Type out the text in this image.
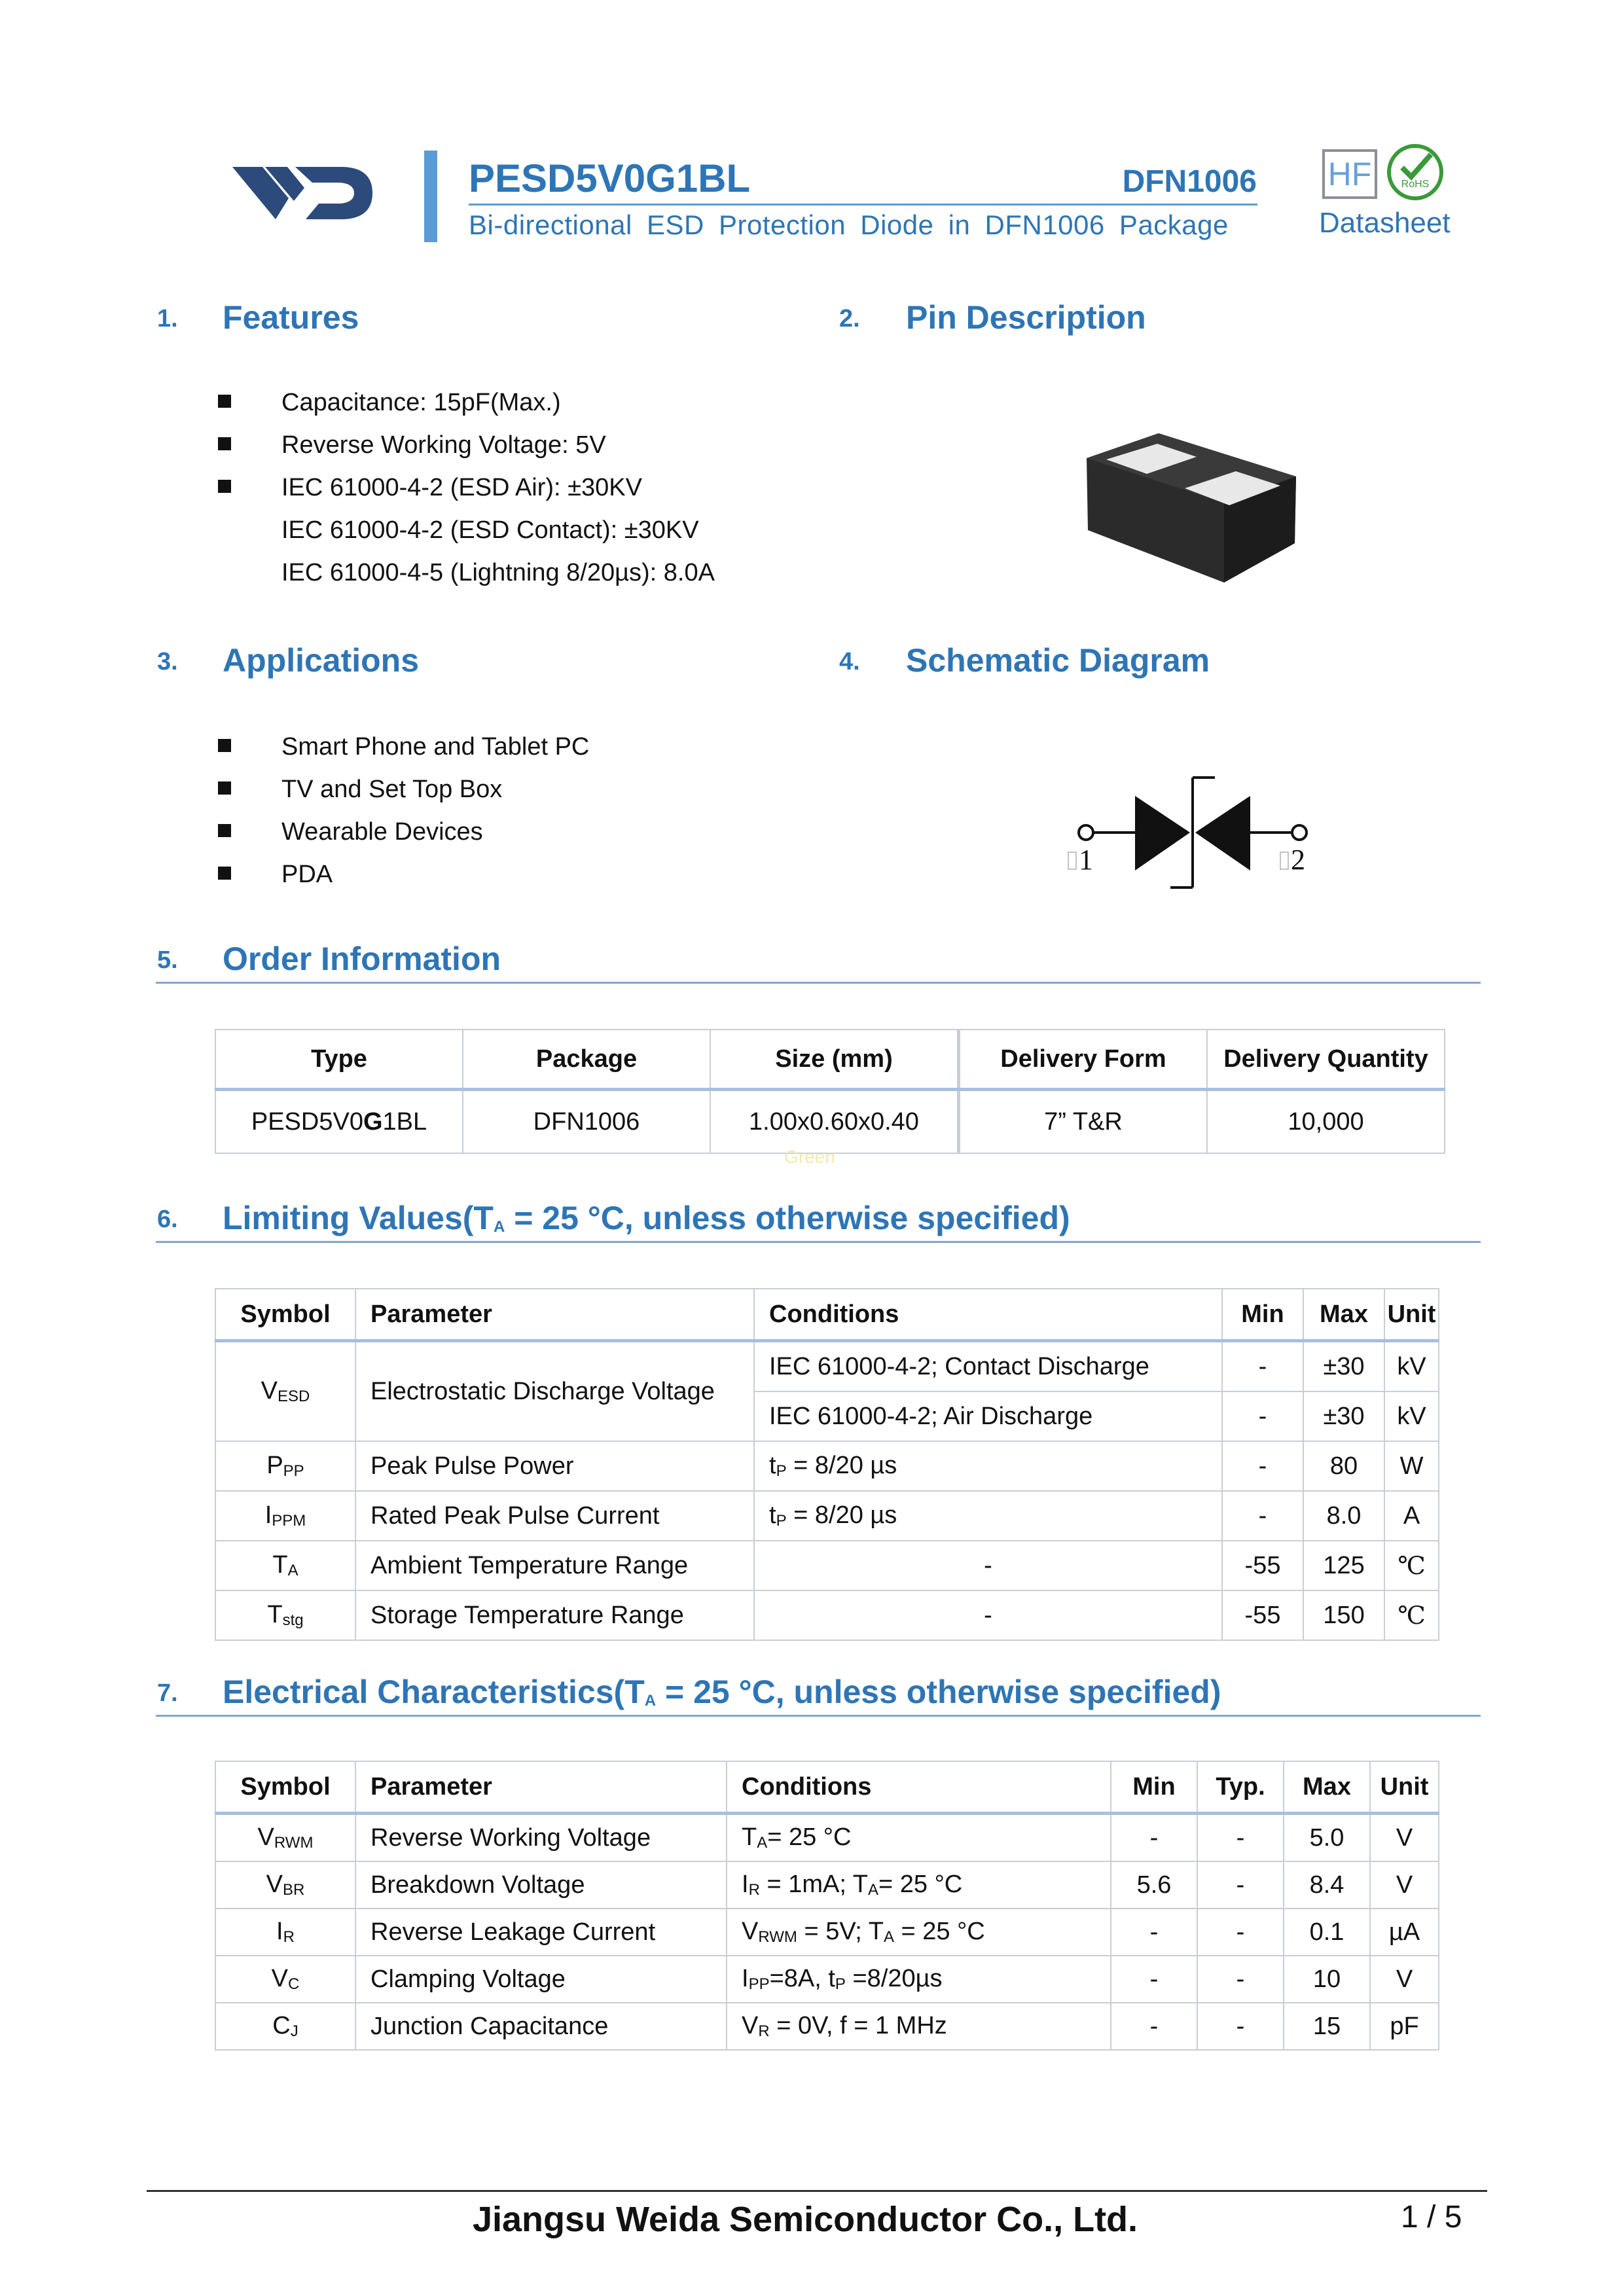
PESD5V0G1BL	DFN1006
Bi-directional ESD Protection Diode in DFN1006 Package
HF	RoHS
Datasheet
1. Features
Capacitance: 15pF(Max.)
Reverse Working Voltage: 5V
IEC 61000-4-2 (ESD Air): ±30KV
IEC 61000-4-2 (ESD Contact): ±30KV
IEC 61000-4-5 (Lightning 8/20µs): 8.0A
2. Pin Description
3. Applications
Smart Phone and Tablet PC
TV and Set Top Box
Wearable Devices
PDA
4. Schematic Diagram
1	2
5. Order Information
Type	Package	Size (mm)	Delivery Form	Delivery Quantity
PESD5V0G1BL	DFN1006	1.00x0.60x0.40	7” T&R	10,000
Green
6. Limiting $Values(T_A = 25$ °C, unless otherwise specified)
Symbol	Parameter	Conditions	Min	Max	Unit
$V_{ESD}$	Electrostatic Discharge Voltage	IEC 61000-4-2; Contact Discharge	-	±30	kV
		IEC 61000-4-2; Air Discharge	-	±30	kV
$P_{PP}$	Peak Pulse Power	$t_P = 8/20$ µs	-	80	W
$I_{PPM}$	Rated Peak Pulse Current	$t_P = 8/20$ µs	-	8.0	A
$T_A$	Ambient Temperature Range	-	-55	125	℃
$T_{stg}$	Storage Temperature Range	-	-55	150	℃
7. Electrical $Characteristics(T_A = 25$ °C, unless otherwise specified)
Symbol	Parameter	Conditions	Min	Typ.	Max	Unit
$V_{RWM}$	Reverse Working Voltage	$T_A= 25$ °C	-	-	5.0	V
$V_{BR}$	Breakdown Voltage	$I_R = 1mA$; $T_A= 25$ °C	5.6	-	8.4	V
$I_R$	Reverse Leakage Current	$V_{RWM} = 5V$; $T_A = 25$ °C	-	-	0.1	µA
$V_C$	Clamping Voltage	$I_{PP}=8A$, $t_P =8/20\mu s$	-	-	10	V
$C_J$	Junction Capacitance	$V_R = 0V$, f = 1 MHz	-	-	15	pF
Jiangsu Weida Semiconductor Co., Ltd.	1 / 5
